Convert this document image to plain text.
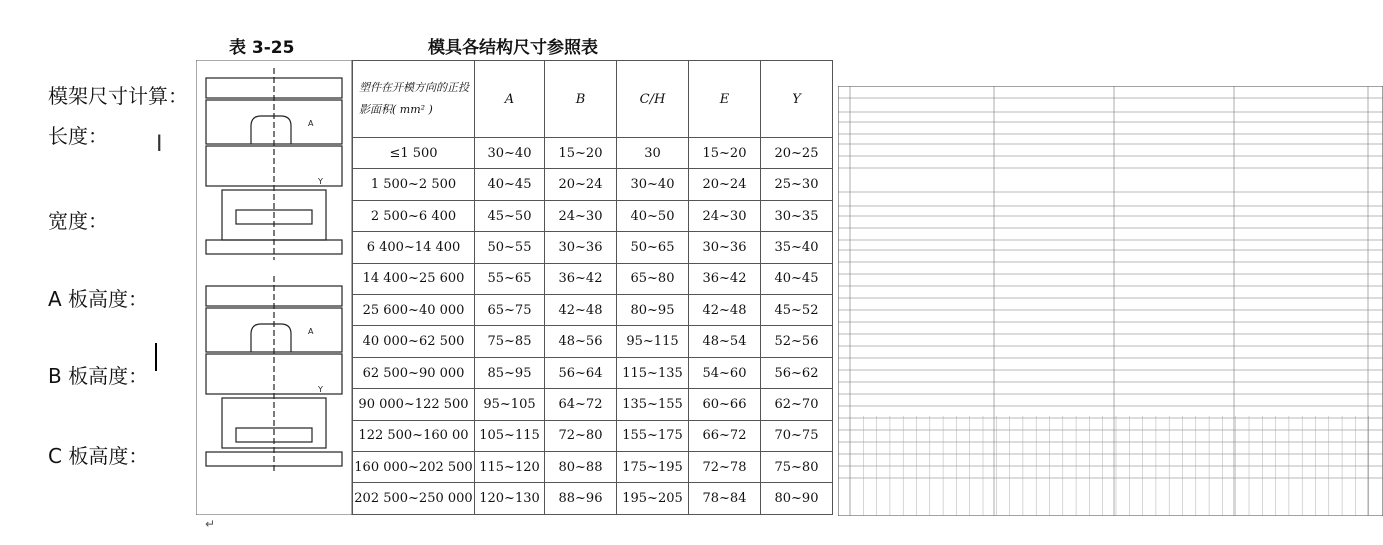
模架尺寸计算：
长度：
宽度：
A 板高度：
B 板高度：
C 板高度：
I
表 3-25	模具各结构尺寸参照表
A
Y
A
Y
塑件在开模方向的正投影面积( mm² )	A	B	C/H	E	Y
≤1 500	30~40	15~20	30	15~20	20~25
1 500~2 500	40~45	20~24	30~40	20~24	25~30
2 500~6 400	45~50	24~30	40~50	24~30	30~35
6 400~14 400	50~55	30~36	50~65	30~36	35~40
14 400~25 600	55~65	36~42	65~80	36~42	40~45
25 600~40 000	65~75	42~48	80~95	42~48	45~52
40 000~62 500	75~85	48~56	95~115	48~54	52~56
62 500~90 000	85~95	56~64	115~135	54~60	56~62
90 000~122 500	95~105	64~72	135~155	60~66	62~70
122 500~160 00	105~115	72~80	155~175	66~72	70~75
160 000~202 500	115~120	80~88	175~195	72~78	75~80
202 500~250 000	120~130	88~96	195~205	78~84	80~90
↵
